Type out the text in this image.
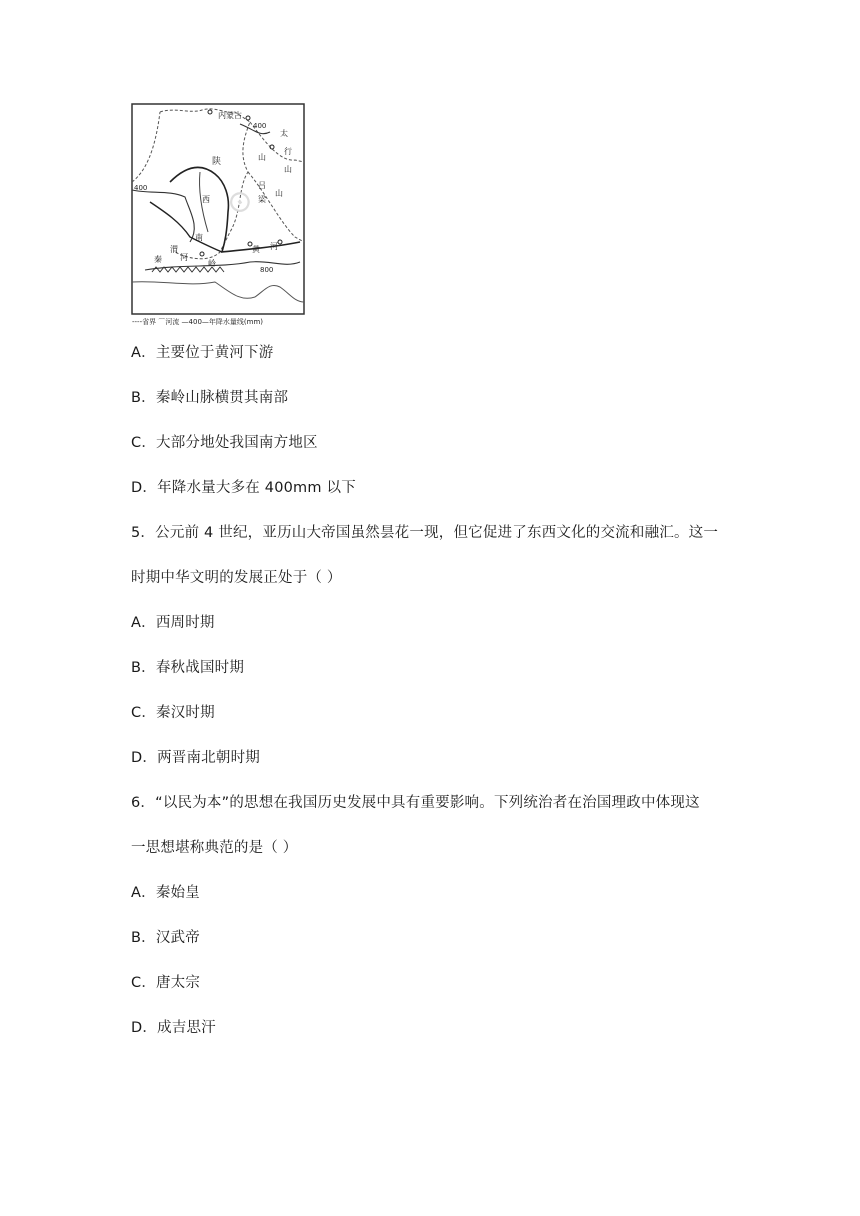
⊙
内蒙古
400
400
800
太
行
山
山
吕
梁
山
陕
西
南
渭
河
黄 河
秦	岭
----省界 ⌒河流 —400—年降水量线(mm)
A．主要位于黄河下游
B．秦岭山脉横贯其南部
C．大部分地处我国南方地区
D．年降水量大多在 400mm 以下
5．公元前 4 世纪，亚历山大帝国虽然昙花一现，但它促进了东西文化的交流和融汇。这一
时期中华文明的发展正处于（ ）
A．西周时期
B．春秋战国时期
C．秦汉时期
D．两晋南北朝时期
6．“以民为本”的思想在我国历史发展中具有重要影响。下列统治者在治国理政中体现这
一思想堪称典范的是（ ）
A．秦始皇
B．汉武帝
C．唐太宗
D．成吉思汗
